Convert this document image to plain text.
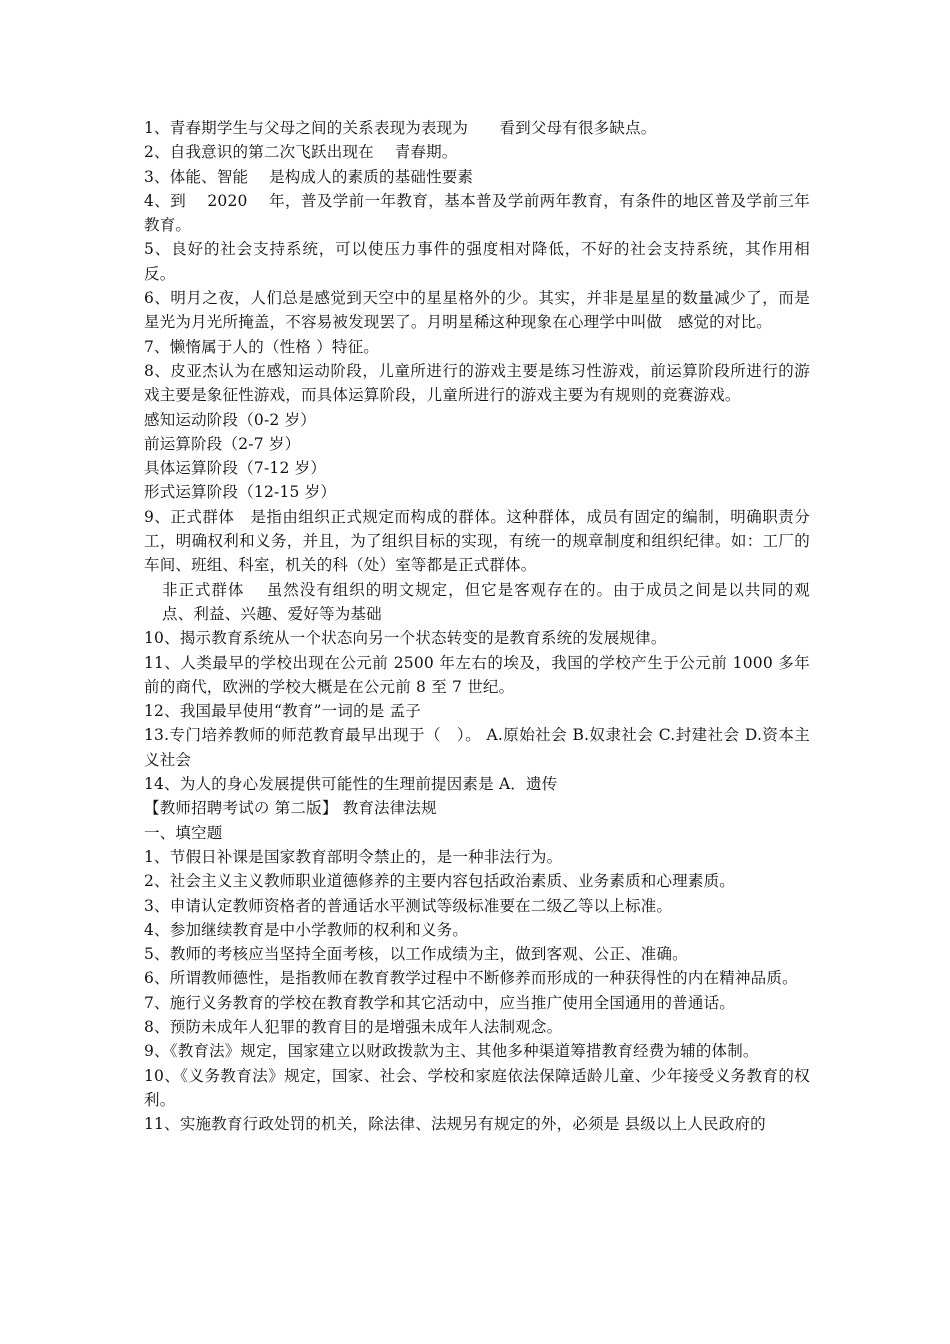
1、青春期学生与父母之间的关系表现为表现为　　看到父母有很多缺点。

2、自我意识的第二次飞跃出现在　 青春期。

3、体能、智能　 是构成人的素质的基础性要素

4、到　 2020　 年，普及学前一年教育，基本普及学前两年教育，有条件的地区普及学前三年教育。

5、良好的社会支持系统，可以使压力事件的强度相对降低，不好的社会支持系统，其作用相反。

6、明月之夜，人们总是感觉到天空中的星星格外的少。其实，并非是星星的数量减少了，而是星光为月光所掩盖，不容易被发现罢了。月明星稀这种现象在心理学中叫做　感觉的对比。

7、懒惰属于人的（性格 ）特征。

8、皮亚杰认为在感知运动阶段，儿童所进行的游戏主要是练习性游戏，前运算阶段所进行的游戏主要是象征性游戏，而具体运算阶段，儿童所进行的游戏主要为有规则的竞赛游戏。

感知运动阶段（0-2 岁）

前运算阶段（2-7 岁）

具体运算阶段（7-12 岁）

形式运算阶段（12-15 岁）

9、正式群体　是指由组织正式规定而构成的群体。这种群体，成员有固定的编制，明确职责分工，明确权利和义务，并且，为了组织目标的实现，有统一的规章制度和组织纪律。如：工厂的车间、班组、科室，机关的科（处）室等都是正式群体。

非正式群体　 虽然没有组织的明文规定，但它是客观存在的。由于成员之间是以共同的观点、利益、兴趣、爱好等为基础

10、揭示教育系统从一个状态向另一个状态转变的是教育系统的发展规律。

11、人类最早的学校出现在公元前 2500 年左右的埃及，我国的学校产生于公元前 1000 多年前的商代，欧洲的学校大概是在公元前 8 至 7 世纪。

12、我国最早使用“教育”一词的是 孟子

13.专门培养教师的师范教育最早出现于（　）。 A.原始社会 B.奴隶社会 C.封建社会 D.资本主义社会

14、为人的身心发展提供可能性的生理前提因素是 A．遗传

【教师招聘考试の 第二版】 教育法律法规

一、填空题

1、节假日补课是国家教育部明令禁止的，是一种非法行为。

2、社会主义主义教师职业道德修养的主要内容包括政治素质、业务素质和心理素质。

3、申请认定教师资格者的普通话水平测试等级标准要在二级乙等以上标准。

4、参加继续教育是中小学教师的权利和义务。

5、教师的考核应当坚持全面考核，以工作成绩为主，做到客观、公正、准确。

6、所谓教师德性，是指教师在教育教学过程中不断修养而形成的一种获得性的内在精神品质。

7、施行义务教育的学校在教育教学和其它活动中，应当推广使用全国通用的普通话。

8、预防未成年人犯罪的教育目的是增强未成年人法制观念。

9、《教育法》规定，国家建立以财政拨款为主、其他多种渠道筹措教育经费为辅的体制。

10、《义务教育法》规定，国家、社会、学校和家庭依法保障适龄儿童、少年接受义务教育的权利。

11、实施教育行政处罚的机关，除法律、法规另有规定的外，必须是 县级以上人民政府的
